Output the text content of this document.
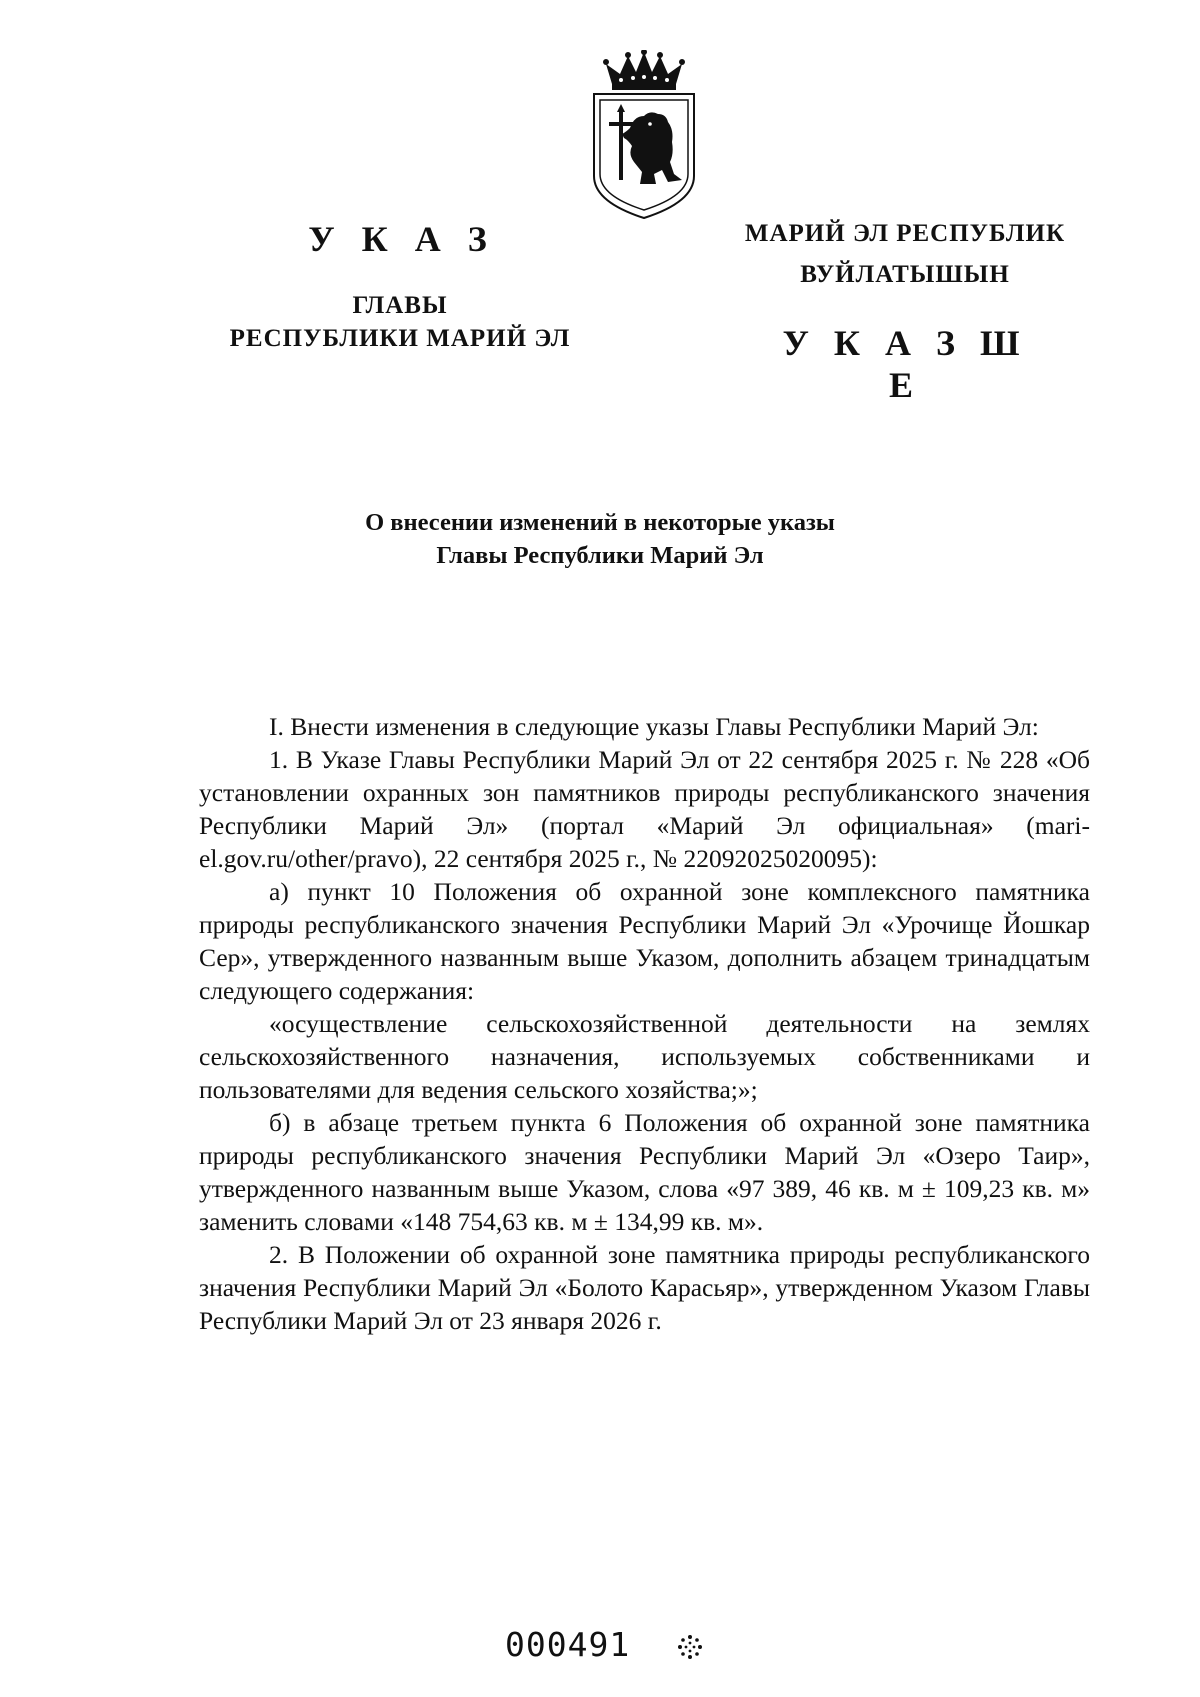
У К А З
ГЛАВЫ
РЕСПУБЛИКИ МАРИЙ ЭЛ
МАРИЙ ЭЛ РЕСПУБЛИК
ВУЙЛАТЫШЫН
У К А З Ш Е
О внесении изменений в некоторые указы
Главы Республики Марий Эл

I. Внести изменения в следующие указы Главы Республики Марий Эл:

1. В Указе Главы Республики Марий Эл от 22 сентября 2025 г. № 228 «Об установлении охранных зон памятников природы республиканского значения Республики Марий Эл» (портал «Марий Эл официальная» (mari-el.gov.ru/other/pravo), 22 сентября 2025 г., № 22092025020095):

а) пункт 10 Положения об охранной зоне комплексного памятника природы республиканского значения Республики Марий Эл «Урочище Йошкар Сер», утвержденного названным выше Указом, дополнить абзацем тринадцатым следующего содержания:

«осуществление сельскохозяйственной деятельности на землях сельскохозяйственного назначения, используемых собственниками и пользователями для ведения сельского хозяйства;»;

б) в абзаце третьем пункта 6 Положения об охранной зоне памятника природы республиканского значения Республики Марий Эл «Озеро Таир», утвержденного названным выше Указом, слова «97 389, 46 кв. м ± 109,23 кв. м» заменить словами «148 754,63 кв. м ± 134,99 кв. м».

2. В Положении об охранной зоне памятника природы республиканского значения Республики Марий Эл «Болото Карасьяр», утвержденном Указом Главы Республики Марий Эл от 23 января 2026 г.

000491
